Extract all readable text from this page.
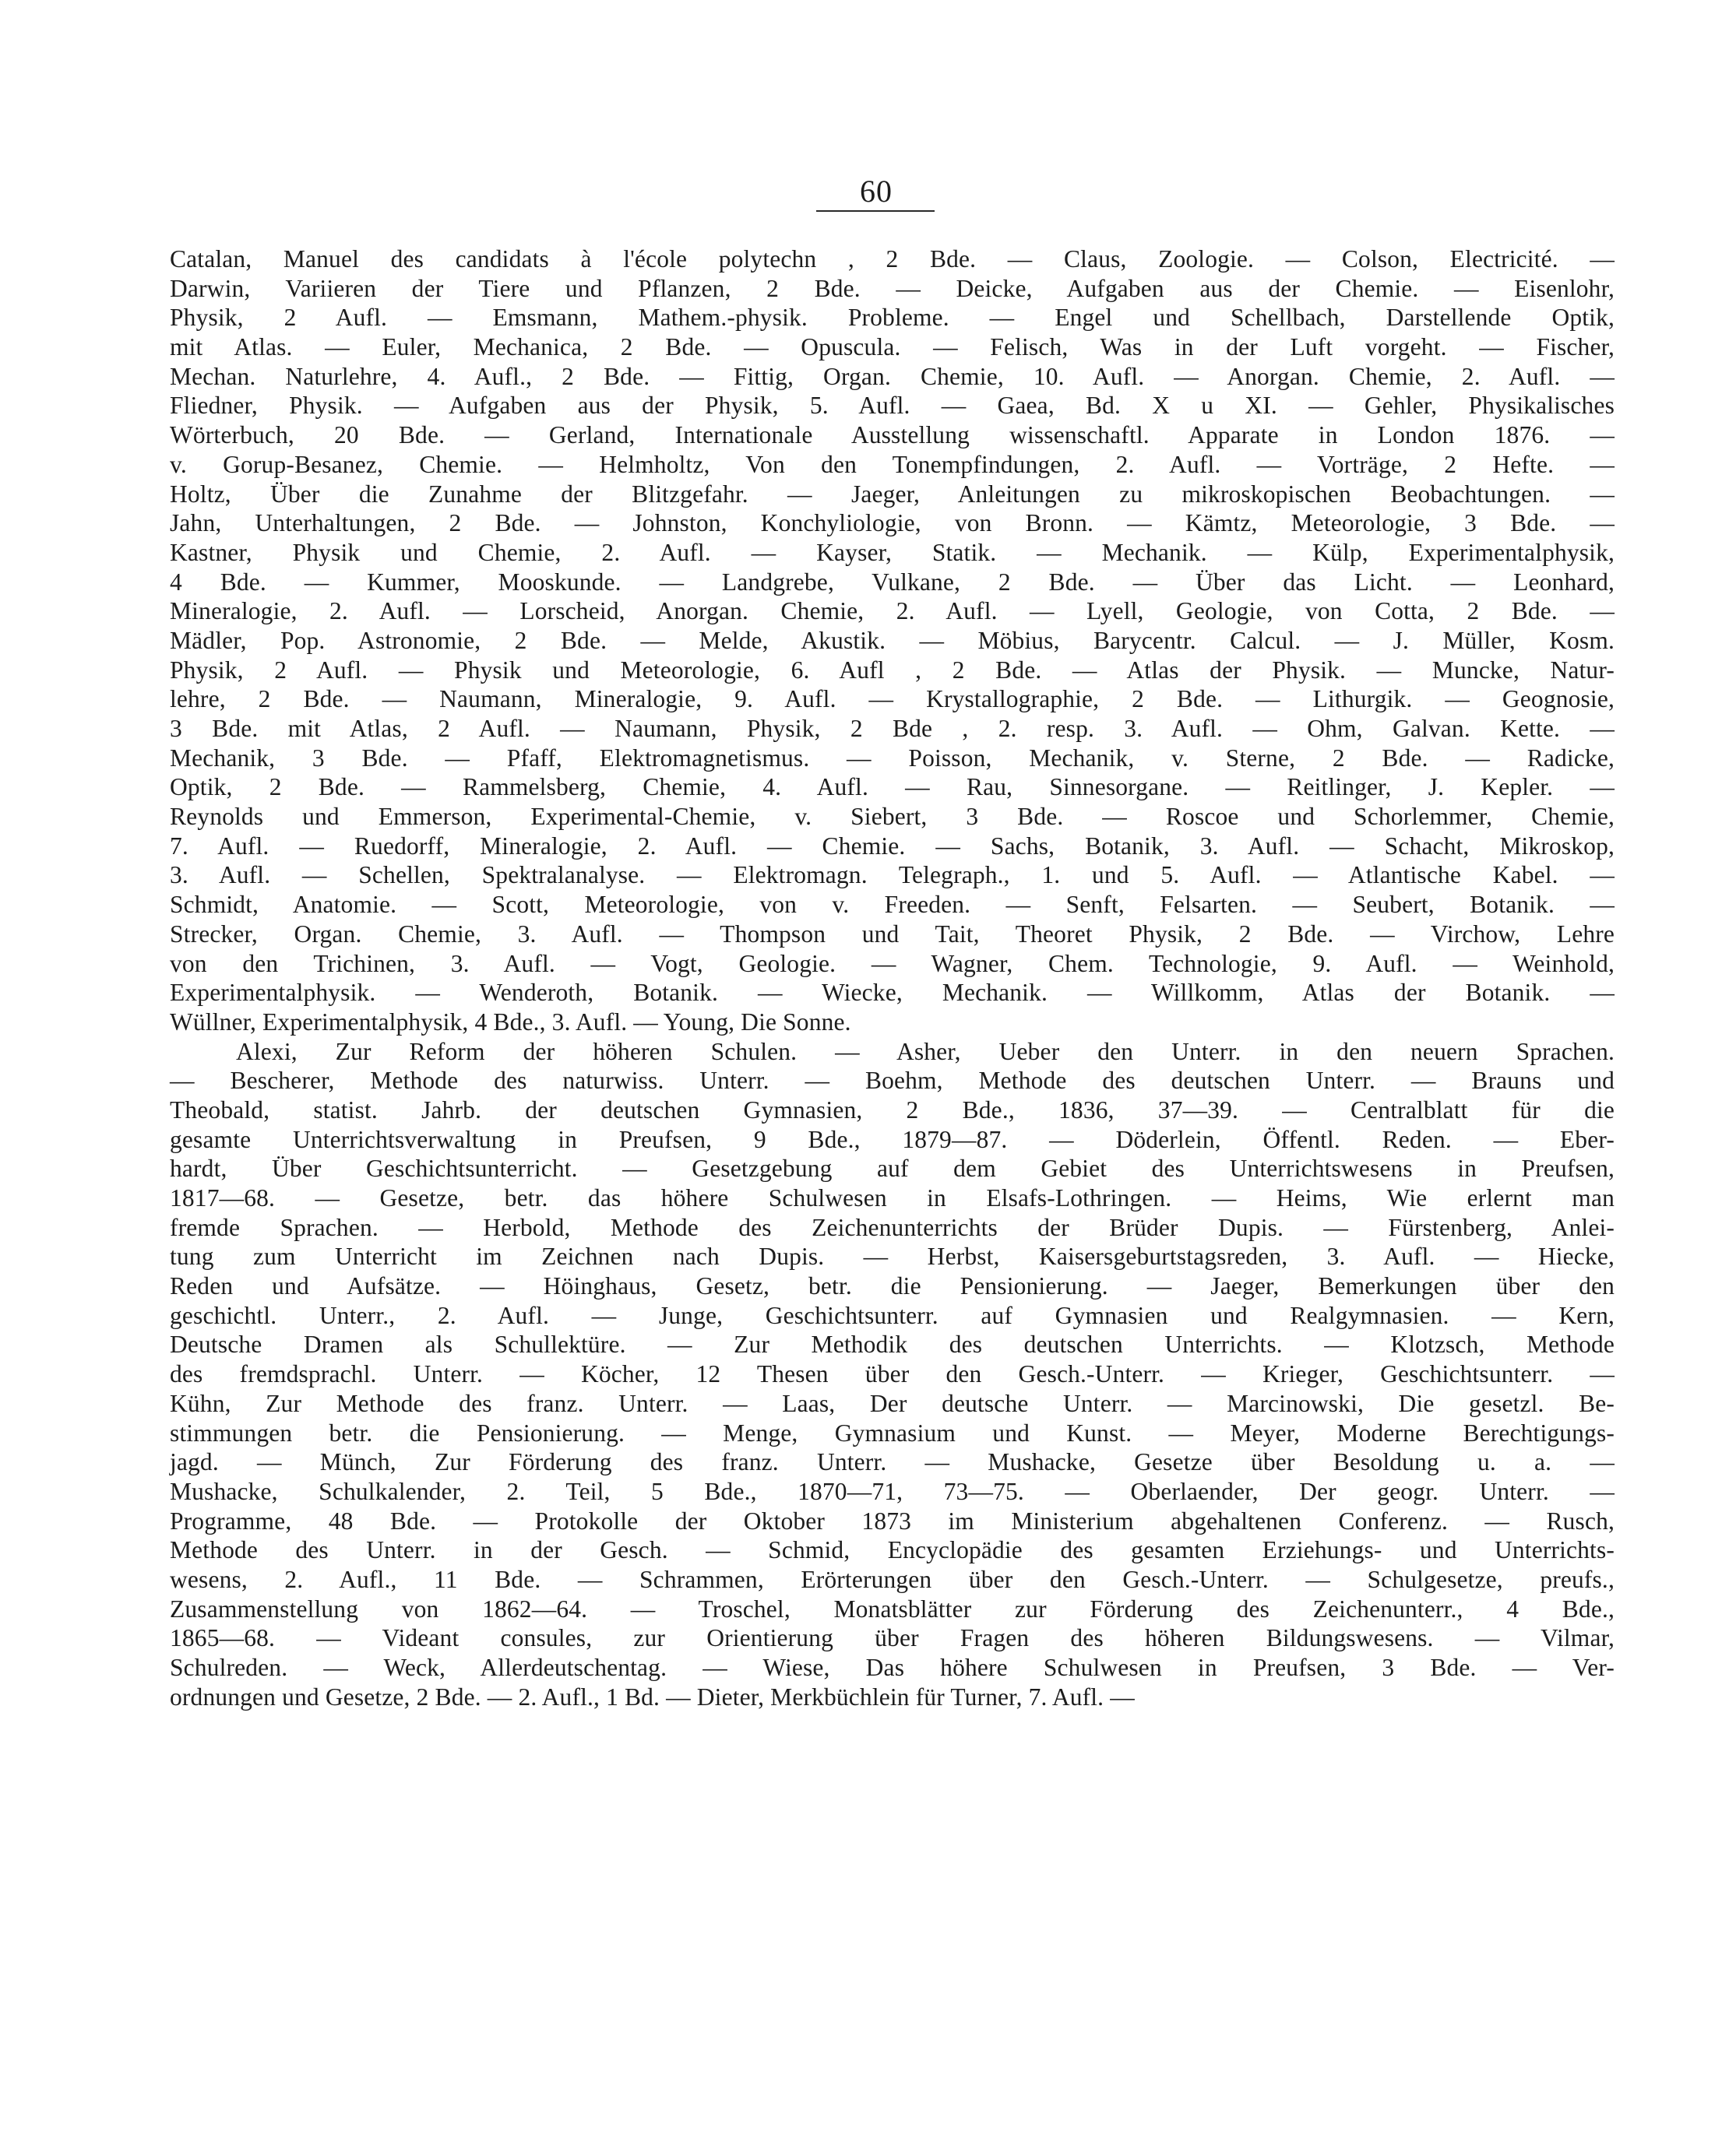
60
Catalan, Manuel des candidats à l'école polytechn , 2 Bde. — Claus, Zoologie. — Colson, Electricité. —
Darwin, Variieren der Tiere und Pflanzen, 2 Bde. — Deicke, Aufgaben aus der Chemie. — Eisenlohr,
Physik, 2 Aufl. — Emsmann, Mathem.-physik. Probleme. — Engel und Schellbach, Darstellende Optik,
mit Atlas. — Euler, Mechanica, 2 Bde. — Opuscula. — Felisch, Was in der Luft vorgeht. — Fischer,
Mechan. Naturlehre, 4. Aufl., 2 Bde. — Fittig, Organ. Chemie, 10. Aufl. — Anorgan. Chemie, 2. Aufl. —
Fliedner, Physik. — Aufgaben aus der Physik, 5. Aufl. — Gaea, Bd. X u XI. — Gehler, Physikalisches
Wörterbuch, 20 Bde. — Gerland, Internationale Ausstellung wissenschaftl. Apparate in London 1876. —
v. Gorup-Besanez, Chemie. — Helmholtz, Von den Tonempfindungen, 2. Aufl. — Vorträge, 2 Hefte. —
Holtz, Über die Zunahme der Blitzgefahr. — Jaeger, Anleitungen zu mikroskopischen Beobachtungen. —
Jahn, Unterhaltungen, 2 Bde. — Johnston, Konchyliologie, von Bronn. — Kämtz, Meteorologie, 3 Bde. —
Kastner, Physik und Chemie, 2. Aufl. — Kayser, Statik. — Mechanik. — Külp, Experimentalphysik,
4 Bde. — Kummer, Mooskunde. — Landgrebe, Vulkane, 2 Bde. — Über das Licht. — Leonhard,
Mineralogie, 2. Aufl. — Lorscheid, Anorgan. Chemie, 2. Aufl. — Lyell, Geologie, von Cotta, 2 Bde. —
Mädler, Pop. Astronomie, 2 Bde. — Melde, Akustik. — Möbius, Barycentr. Calcul. — J. Müller, Kosm.
Physik, 2 Aufl. — Physik und Meteorologie, 6. Aufl , 2 Bde. — Atlas der Physik. — Muncke, Natur-
lehre, 2 Bde. — Naumann, Mineralogie, 9. Aufl. — Krystallographie, 2 Bde. — Lithurgik. — Geognosie,
3 Bde. mit Atlas, 2 Aufl. — Naumann, Physik, 2 Bde , 2. resp. 3. Aufl. — Ohm, Galvan. Kette. —
Mechanik, 3 Bde. — Pfaff, Elektromagnetismus. — Poisson, Mechanik, v. Sterne, 2 Bde. — Radicke,
Optik, 2 Bde. — Rammelsberg, Chemie, 4. Aufl. — Rau, Sinnesorgane. — Reitlinger, J. Kepler. —
Reynolds und Emmerson, Experimental-Chemie, v. Siebert, 3 Bde. — Roscoe und Schorlemmer, Chemie,
7. Aufl. — Ruedorff, Mineralogie, 2. Aufl. — Chemie. — Sachs, Botanik, 3. Aufl. — Schacht, Mikroskop,
3. Aufl. — Schellen, Spektralanalyse. — Elektromagn. Telegraph., 1. und 5. Aufl. — Atlantische Kabel. —
Schmidt, Anatomie. — Scott, Meteorologie, von v. Freeden. — Senft, Felsarten. — Seubert, Botanik. —
Strecker, Organ. Chemie, 3. Aufl. — Thompson und Tait, Theoret Physik, 2 Bde. — Virchow, Lehre
von den Trichinen, 3. Aufl. — Vogt, Geologie. — Wagner, Chem. Technologie, 9. Aufl. — Weinhold,
Experimentalphysik. — Wenderoth, Botanik. — Wiecke, Mechanik. — Willkomm, Atlas der Botanik. —
Wüllner, Experimentalphysik, 4 Bde., 3. Aufl. — Young, Die Sonne.
Alexi, Zur Reform der höheren Schulen. — Asher, Ueber den Unterr. in den neuern Sprachen.
— Bescherer, Methode des naturwiss. Unterr. — Boehm, Methode des deutschen Unterr. — Brauns und
Theobald, statist. Jahrb. der deutschen Gymnasien, 2 Bde., 1836, 37—39. — Centralblatt für die
gesamte Unterrichtsverwaltung in Preufsen, 9 Bde., 1879—87. — Döderlein, Öffentl. Reden. — Eber-
hardt, Über Geschichtsunterricht. — Gesetzgebung auf dem Gebiet des Unterrichtswesens in Preufsen,
1817—68. — Gesetze, betr. das höhere Schulwesen in Elsafs-Lothringen. — Heims, Wie erlernt man
fremde Sprachen. — Herbold, Methode des Zeichenunterrichts der Brüder Dupis. — Fürstenberg, Anlei-
tung zum Unterricht im Zeichnen nach Dupis. — Herbst, Kaisersgeburtstagsreden, 3. Aufl. — Hiecke,
Reden und Aufsätze. — Höinghaus, Gesetz, betr. die Pensionierung. — Jaeger, Bemerkungen über den
geschichtl. Unterr., 2. Aufl. — Junge, Geschichtsunterr. auf Gymnasien und Realgymnasien. — Kern,
Deutsche Dramen als Schullektüre. — Zur Methodik des deutschen Unterrichts. — Klotzsch, Methode
des fremdsprachl. Unterr. — Köcher, 12 Thesen über den Gesch.-Unterr. — Krieger, Geschichtsunterr. —
Kühn, Zur Methode des franz. Unterr. — Laas, Der deutsche Unterr. — Marcinowski, Die gesetzl. Be-
stimmungen betr. die Pensionierung. — Menge, Gymnasium und Kunst. — Meyer, Moderne Berechtigungs-
jagd. — Münch, Zur Förderung des franz. Unterr. — Mushacke, Gesetze über Besoldung u. a. —
Mushacke, Schulkalender, 2. Teil, 5 Bde., 1870—71, 73—75. — Oberlaender, Der geogr. Unterr. —
Programme, 48 Bde. — Protokolle der Oktober 1873 im Ministerium abgehaltenen Conferenz. — Rusch,
Methode des Unterr. in der Gesch. — Schmid, Encyclopädie des gesamten Erziehungs- und Unterrichts-
wesens, 2. Aufl., 11 Bde. — Schrammen, Erörterungen über den Gesch.-Unterr. — Schulgesetze, preufs.,
Zusammenstellung von 1862—64. — Troschel, Monatsblätter zur Förderung des Zeichenunterr., 4 Bde.,
1865—68. — Videant consules, zur Orientierung über Fragen des höheren Bildungswesens. — Vilmar,
Schulreden. — Weck, Allerdeutschentag. — Wiese, Das höhere Schulwesen in Preufsen, 3 Bde. — Ver-
ordnungen und Gesetze, 2 Bde. — 2. Aufl., 1 Bd. — Dieter, Merkbüchlein für Turner, 7. Aufl. —
